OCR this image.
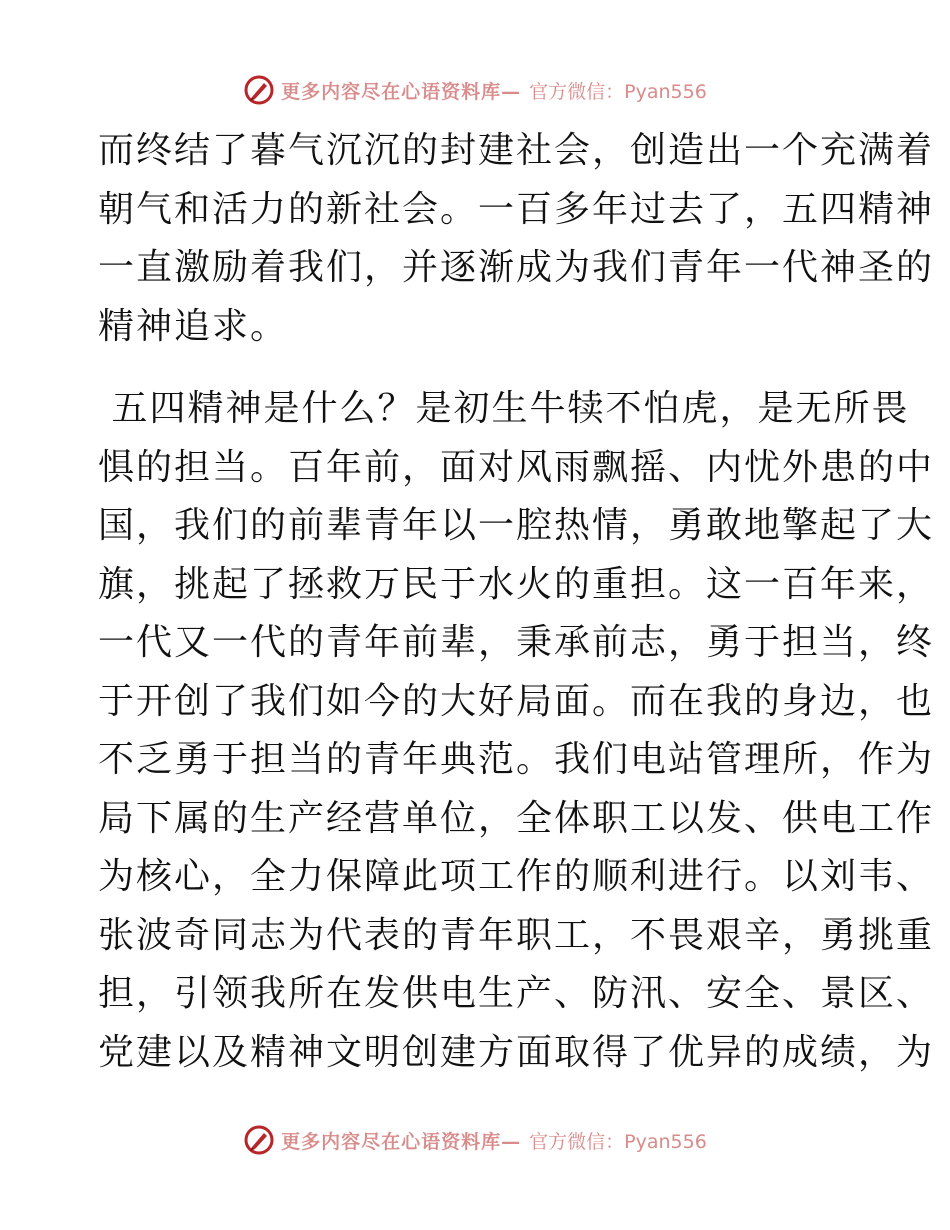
更多内容尽在心语资料库— 官方微信：Pyan556

而终结了暮气沉沉的封建社会，创造出一个充满着
朝气和活力的新社会。一百多年过去了，五四精神
一直激励着我们，并逐渐成为我们青年一代神圣的
精神追求。

五四精神是什么？是初生牛犊不怕虎，是无所畏
惧的担当。百年前，面对风雨飘摇、内忧外患的中
国，我们的前辈青年以一腔热情，勇敢地擎起了大
旗，挑起了拯救万民于水火的重担。这一百年来，
一代又一代的青年前辈，秉承前志，勇于担当，终
于开创了我们如今的大好局面。而在我的身边，也
不乏勇于担当的青年典范。我们电站管理所，作为
局下属的生产经营单位，全体职工以发、供电工作
为核心，全力保障此项工作的顺利进行。以刘韦、
张波奇同志为代表的青年职工，不畏艰辛，勇挑重
担，引领我所在发供电生产、防汛、安全、景区、
党建以及精神文明创建方面取得了优异的成绩，为

更多内容尽在心语资料库— 官方微信：Pyan556
